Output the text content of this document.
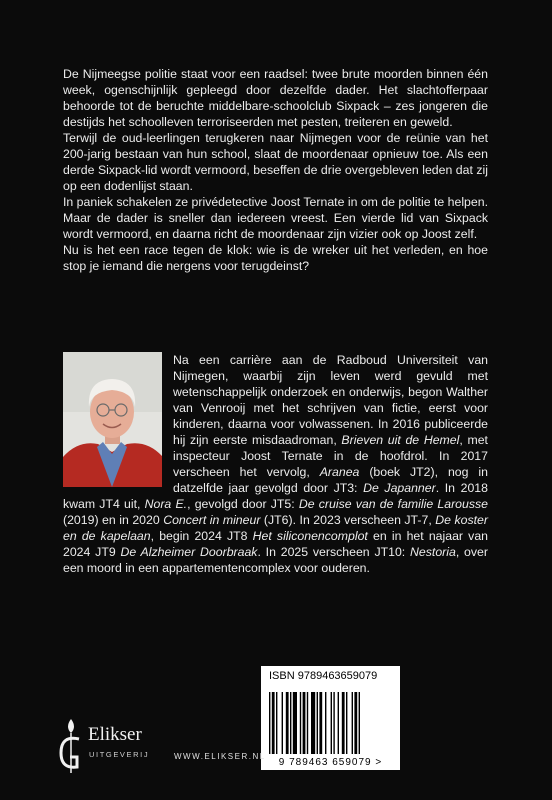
De Nijmeegse politie staat voor een raadsel: twee brute moorden binnen één week, ogenschijnlijk gepleegd door dezelfde dader. Het slachtofferpaar behoorde tot de beruchte middelbare-schoolclub Sixpack – zes jongeren die destijds het schoolleven terroriseerden met pesten, treiteren en geweld.

Terwijl de oud-leerlingen terugkeren naar Nijmegen voor de reünie van het 200-jarig bestaan van hun school, slaat de moordenaar opnieuw toe. Als een derde Sixpack-lid wordt vermoord, beseffen de drie overgebleven leden dat zij op een dodenlijst staan.

In paniek schakelen ze privédetective Joost Ternate in om de politie te helpen. Maar de dader is sneller dan iedereen vreest. Een vierde lid van Sixpack wordt vermoord, en daarna richt de moordenaar zijn vizier ook op Joost zelf.

Nu is het een race tegen de klok: wie is de wreker uit het verleden, en hoe stop je iemand die nergens voor terugdeinst?

Na een carrière aan de Radboud Universiteit van Nijmegen, waarbij zijn leven werd gevuld met wetenschappelijk onderzoek en onderwijs, begon Walther van Venrooij met het schrijven van fictie, eerst voor kinderen, daarna voor volwassenen. In 2016 publiceerde hij zijn eerste misdaadroman, Brieven uit de Hemel, met inspecteur Joost Ternate in de hoofdrol. In 2017 verscheen het vervolg, Aranea (boek JT2), nog in datzelfde jaar gevolgd door JT3: De Japanner. In 2018 kwam JT4 uit, Nora E., gevolgd door JT5: De cruise van de familie Larousse (2019) en in 2020 Concert in mineur (JT6). In 2023 verscheen JT-7, De koster en de kapelaan, begin 2024 JT8 Het siliconencomplot en in het najaar van 2024 JT9 De Alzheimer Doorbraak. In 2025 verscheen JT10: Nestoria, over een moord in een appartementencomplex voor ouderen.
ISBN 9789463659079
9 789463 659079 >
Elikser
UITGEVERIJ	WWW.ELIKSER.NL
